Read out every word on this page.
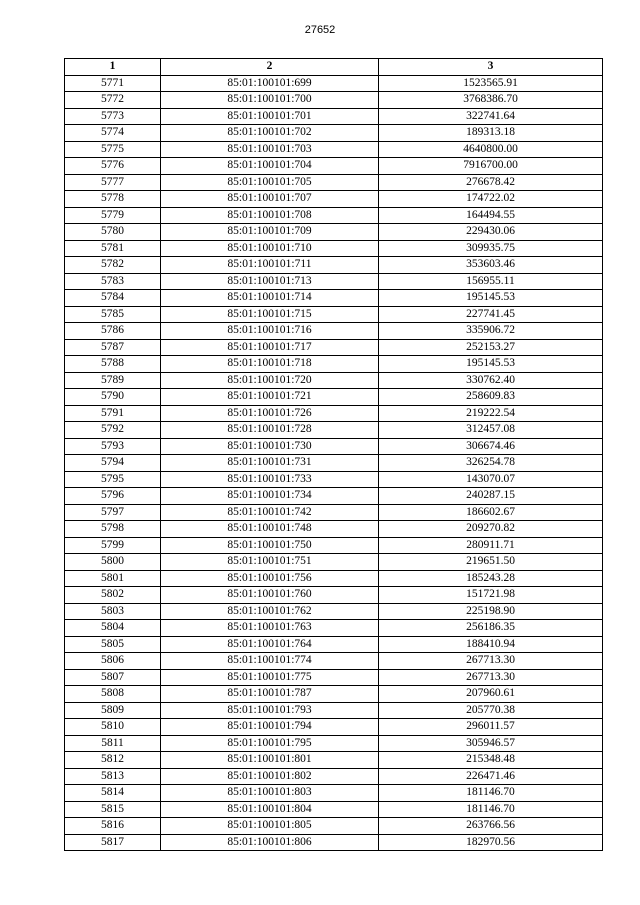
27652
1	2	3
5771	85:01:100101:699	1523565.91
5772	85:01:100101:700	3768386.70
5773	85:01:100101:701	322741.64
5774	85:01:100101:702	189313.18
5775	85:01:100101:703	4640800.00
5776	85:01:100101:704	7916700.00
5777	85:01:100101:705	276678.42
5778	85:01:100101:707	174722.02
5779	85:01:100101:708	164494.55
5780	85:01:100101:709	229430.06
5781	85:01:100101:710	309935.75
5782	85:01:100101:711	353603.46
5783	85:01:100101:713	156955.11
5784	85:01:100101:714	195145.53
5785	85:01:100101:715	227741.45
5786	85:01:100101:716	335906.72
5787	85:01:100101:717	252153.27
5788	85:01:100101:718	195145.53
5789	85:01:100101:720	330762.40
5790	85:01:100101:721	258609.83
5791	85:01:100101:726	219222.54
5792	85:01:100101:728	312457.08
5793	85:01:100101:730	306674.46
5794	85:01:100101:731	326254.78
5795	85:01:100101:733	143070.07
5796	85:01:100101:734	240287.15
5797	85:01:100101:742	186602.67
5798	85:01:100101:748	209270.82
5799	85:01:100101:750	280911.71
5800	85:01:100101:751	219651.50
5801	85:01:100101:756	185243.28
5802	85:01:100101:760	151721.98
5803	85:01:100101:762	225198.90
5804	85:01:100101:763	256186.35
5805	85:01:100101:764	188410.94
5806	85:01:100101:774	267713.30
5807	85:01:100101:775	267713.30
5808	85:01:100101:787	207960.61
5809	85:01:100101:793	205770.38
5810	85:01:100101:794	296011.57
5811	85:01:100101:795	305946.57
5812	85:01:100101:801	215348.48
5813	85:01:100101:802	226471.46
5814	85:01:100101:803	181146.70
5815	85:01:100101:804	181146.70
5816	85:01:100101:805	263766.56
5817	85:01:100101:806	182970.56
